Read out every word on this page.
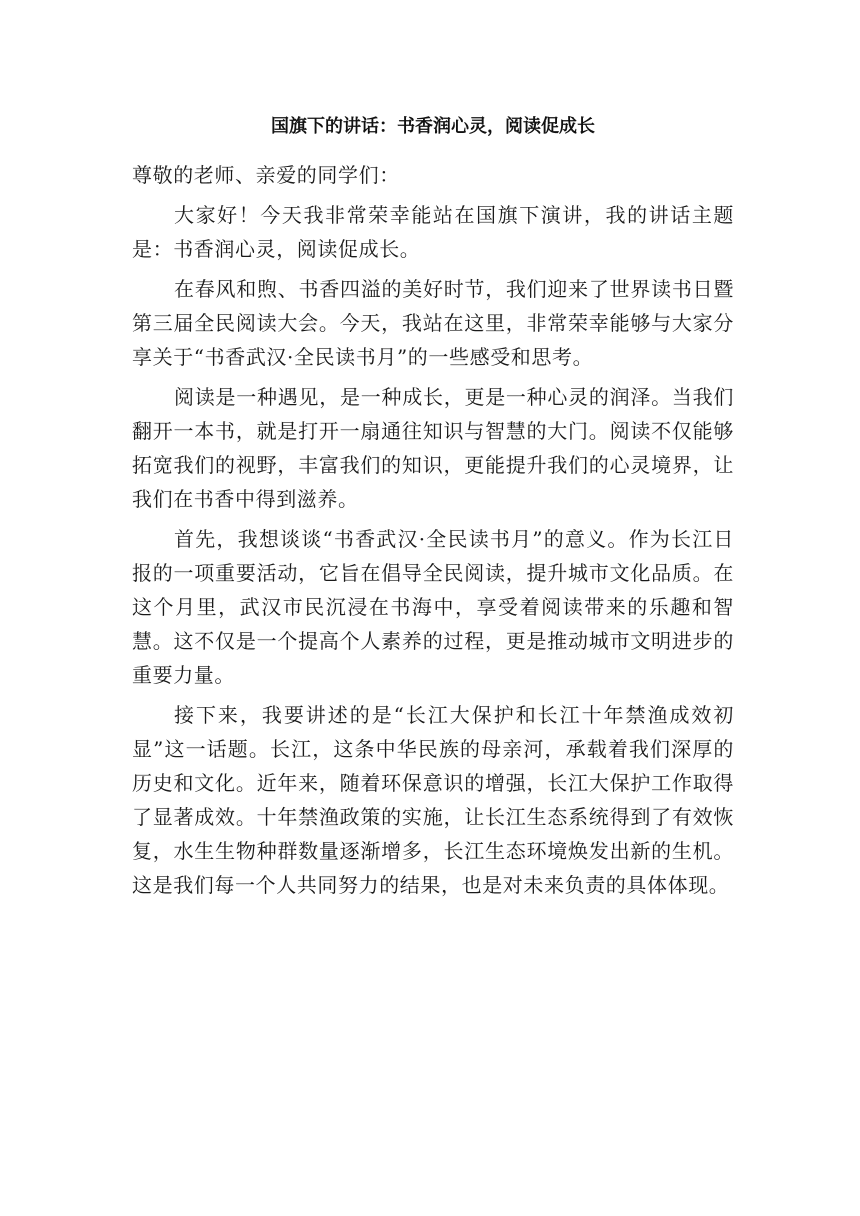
国旗下的讲话：书香润心灵，阅读促成长

尊敬的老师、亲爱的同学们：

大家好！今天我非常荣幸能站在国旗下演讲，我的讲话主题是：书香润心灵，阅读促成长。

在春风和煦、书香四溢的美好时节，我们迎来了世界读书日暨第三届全民阅读大会。今天，我站在这里，非常荣幸能够与大家分享关于“书香武汉·全民读书月”的一些感受和思考。

阅读是一种遇见，是一种成长，更是一种心灵的润泽。当我们翻开一本书，就是打开一扇通往知识与智慧的大门。阅读不仅能够拓宽我们的视野，丰富我们的知识，更能提升我们的心灵境界，让我们在书香中得到滋养。

首先，我想谈谈“书香武汉·全民读书月”的意义。作为长江日报的一项重要活动，它旨在倡导全民阅读，提升城市文化品质。在这个月里，武汉市民沉浸在书海中，享受着阅读带来的乐趣和智慧。这不仅是一个提高个人素养的过程，更是推动城市文明进步的重要力量。

接下来，我要讲述的是“长江大保护和长江十年禁渔成效初显”这一话题。长江，这条中华民族的母亲河，承载着我们深厚的历史和文化。近年来，随着环保意识的增强，长江大保护工作取得了显著成效。十年禁渔政策的实施，让长江生态系统得到了有效恢复，水生生物种群数量逐渐增多，长江生态环境焕发出新的生机。这是我们每一个人共同努力的结果，也是对未来负责的具体体现。
